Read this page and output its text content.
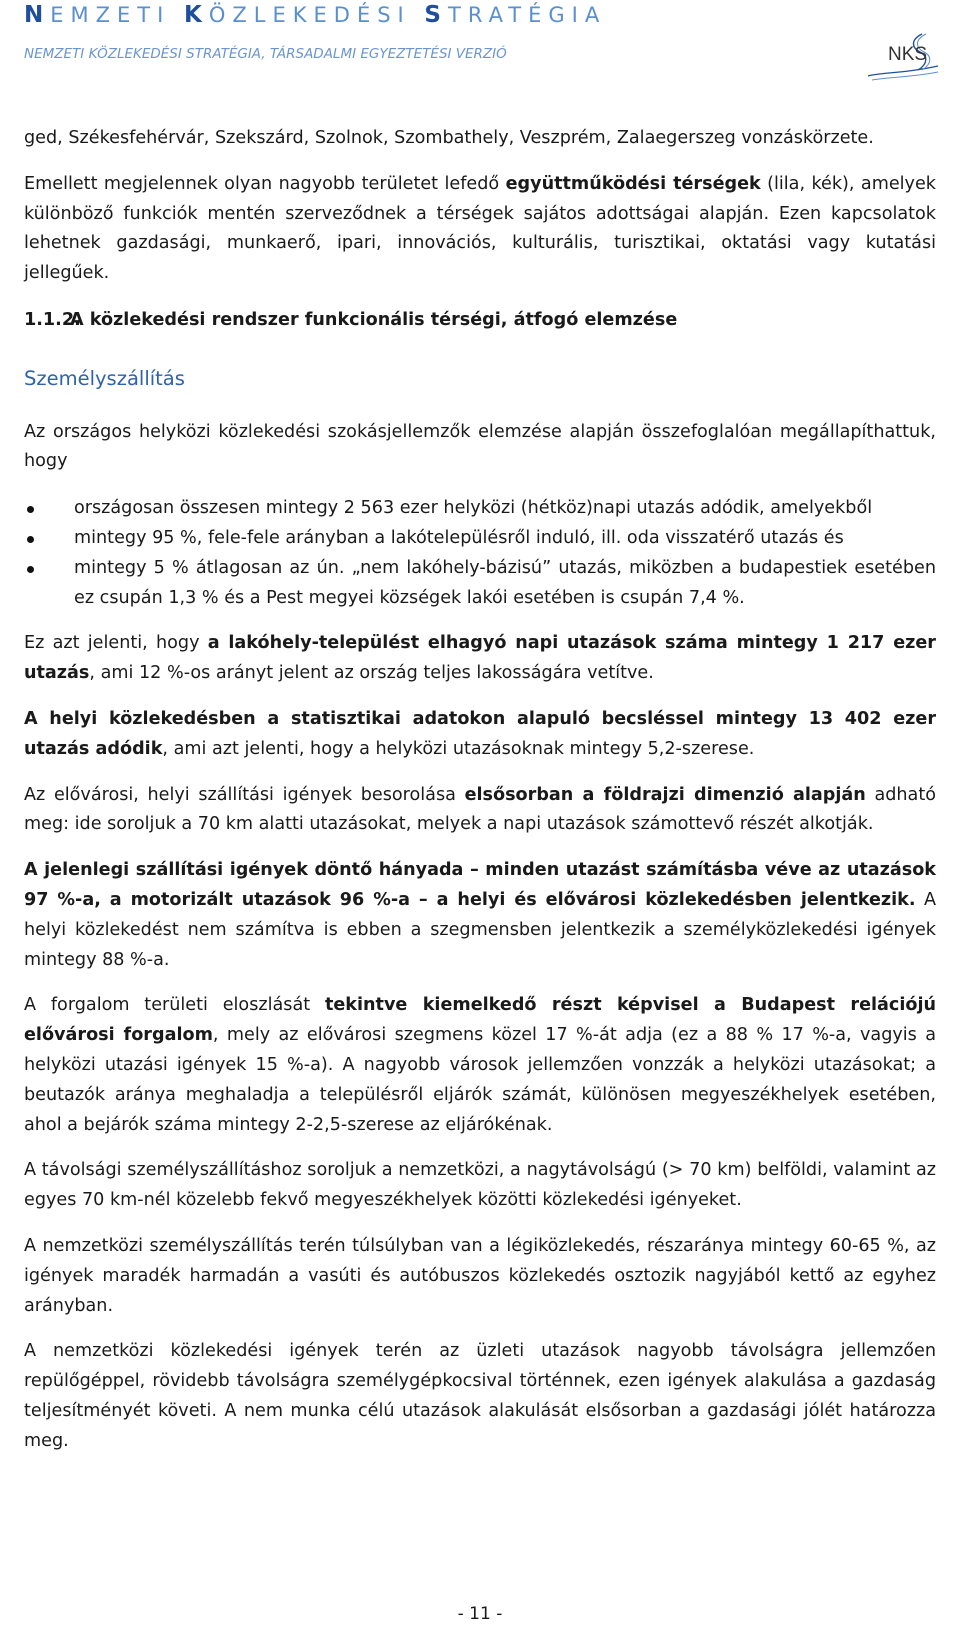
NEMZETI KÖZLEKEDÉSI STRATÉGIA
NEMZETI KÖZLEKEDÉSI STRATÉGIA, TÁRSADALMI EGYEZTETÉSI VERZIÓ	NKS

ged, Székesfehérvár, Szekszárd, Szolnok, Szombathely, Veszprém, Zalaegerszeg vonzáskörzete.

Emellett megjelennek olyan nagyobb területet lefedő együttműködési térségek (lila, kék), amelyek különböző funkciók mentén szerveződnek a térségek sajátos adottságai alapján. Ezen kapcsolatok lehetnek gazdasági, munkaerő, ipari, innovációs, kulturális, turisztikai, oktatási vagy kutatási jellegűek.

1.1.2.A közlekedési rendszer funkcionális térségi, átfogó elemzése
Személyszállítás

Az országos helyközi közlekedési szokásjellemzők elemzése alapján összefoglalóan megállapíthattuk, hogy

országosan összesen mintegy 2 563 ezer helyközi (hétköz)napi utazás adódik, amelyekből
mintegy 95 %, fele-fele arányban a lakótelepülésről induló, ill. oda visszatérő utazás és
mintegy 5 % átlagosan az ún. „nem lakóhely-bázisú” utazás, miközben a budapestiek esetében ez csupán 1,3 % és a Pest megyei községek lakói esetében is csupán 7,4 %.

Ez azt jelenti, hogy a lakóhely-települést elhagyó napi utazások száma mintegy 1 217 ezer utazás, ami 12 %-os arányt jelent az ország teljes lakosságára vetítve.

A helyi közlekedésben a statisztikai adatokon alapuló becsléssel mintegy 13 402 ezer utazás adódik, ami azt jelenti, hogy a helyközi utazásoknak mintegy 5,2-szerese.

Az elővárosi, helyi szállítási igények besorolása elsősorban a földrajzi dimenzió alapján adható meg: ide soroljuk a 70 km alatti utazásokat, melyek a napi utazások számottevő részét alkotják.

A jelenlegi szállítási igények döntő hányada – minden utazást számításba véve az utazások 97 %-a, a motorizált utazások 96 %-a – a helyi és elővárosi közlekedésben jelentkezik. A helyi közlekedést nem számítva is ebben a szegmensben jelentkezik a személyközlekedési igények mintegy 88 %-a.

A forgalom területi eloszlását tekintve kiemelkedő részt képvisel a Budapest relációjú elővárosi forgalom, mely az elővárosi szegmens közel 17 %-át adja (ez a 88 % 17 %-a, vagyis a helyközi utazási igények 15 %-a). A nagyobb városok jellemzően vonzzák a helyközi utazásokat; a beutazók aránya meghaladja a településről eljárók számát, különösen megyeszékhelyek esetében, ahol a bejárók száma mintegy 2-2,5-szerese az eljárókénak.

A távolsági személyszállításhoz soroljuk a nemzetközi, a nagytávolságú (> 70 km) belföldi, valamint az egyes 70 km-nél közelebb fekvő megyeszékhelyek közötti közlekedési igényeket.

A nemzetközi személyszállítás terén túlsúlyban van a légiközlekedés, részaránya mintegy 60-65 %, az igények maradék harmadán a vasúti és autóbuszos közlekedés osztozik nagyjából kettő az egyhez arányban.

A nemzetközi közlekedési igények terén az üzleti utazások nagyobb távolságra jellemzően repülőgéppel, rövidebb távolságra személygépkocsival történnek, ezen igények alakulása a gazdaság teljesítményét követi. A nem munka célú utazások alakulását elsősorban a gazdasági jólét határozza meg.

- 11 -
